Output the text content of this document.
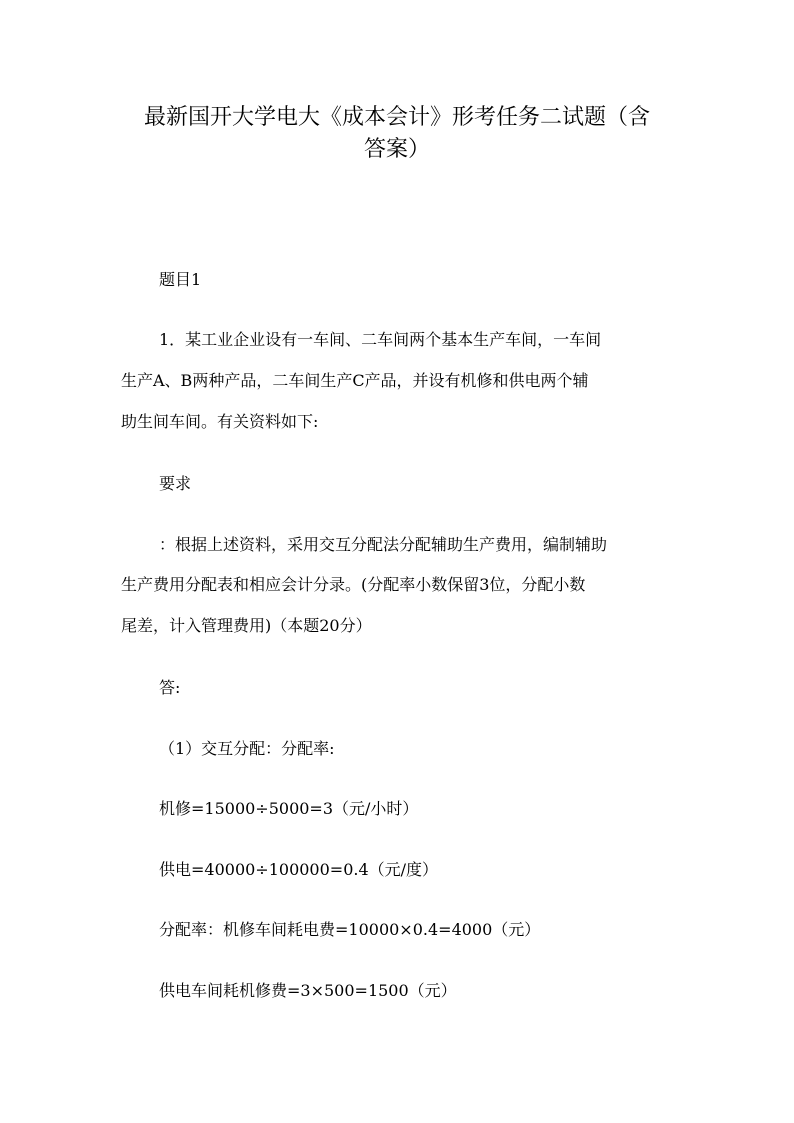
最新国开大学电大《成本会计》形考任务二试题（含
答案）
题目1
1．某工业企业设有一车间、二车间两个基本生产车间，一车间
生产A、B两种产品，二车间生产C产品，并设有机修和供电两个辅
助生间车间。有关资料如下:
要求
：根据上述资料，采用交互分配法分配辅助生产费用，编制辅助
生产费用分配表和相应会计分录。(分配率小数保留3位，分配小数
尾差，计入管理费用)（本题20分）
答:
（1）交互分配：分配率:
机修=15000÷5000=3（元/小时）
供电=40000÷100000=0.4（元/度）
分配率：机修车间耗电费=10000×0.4=4000（元）
供电车间耗机修费=3×500=1500（元）
